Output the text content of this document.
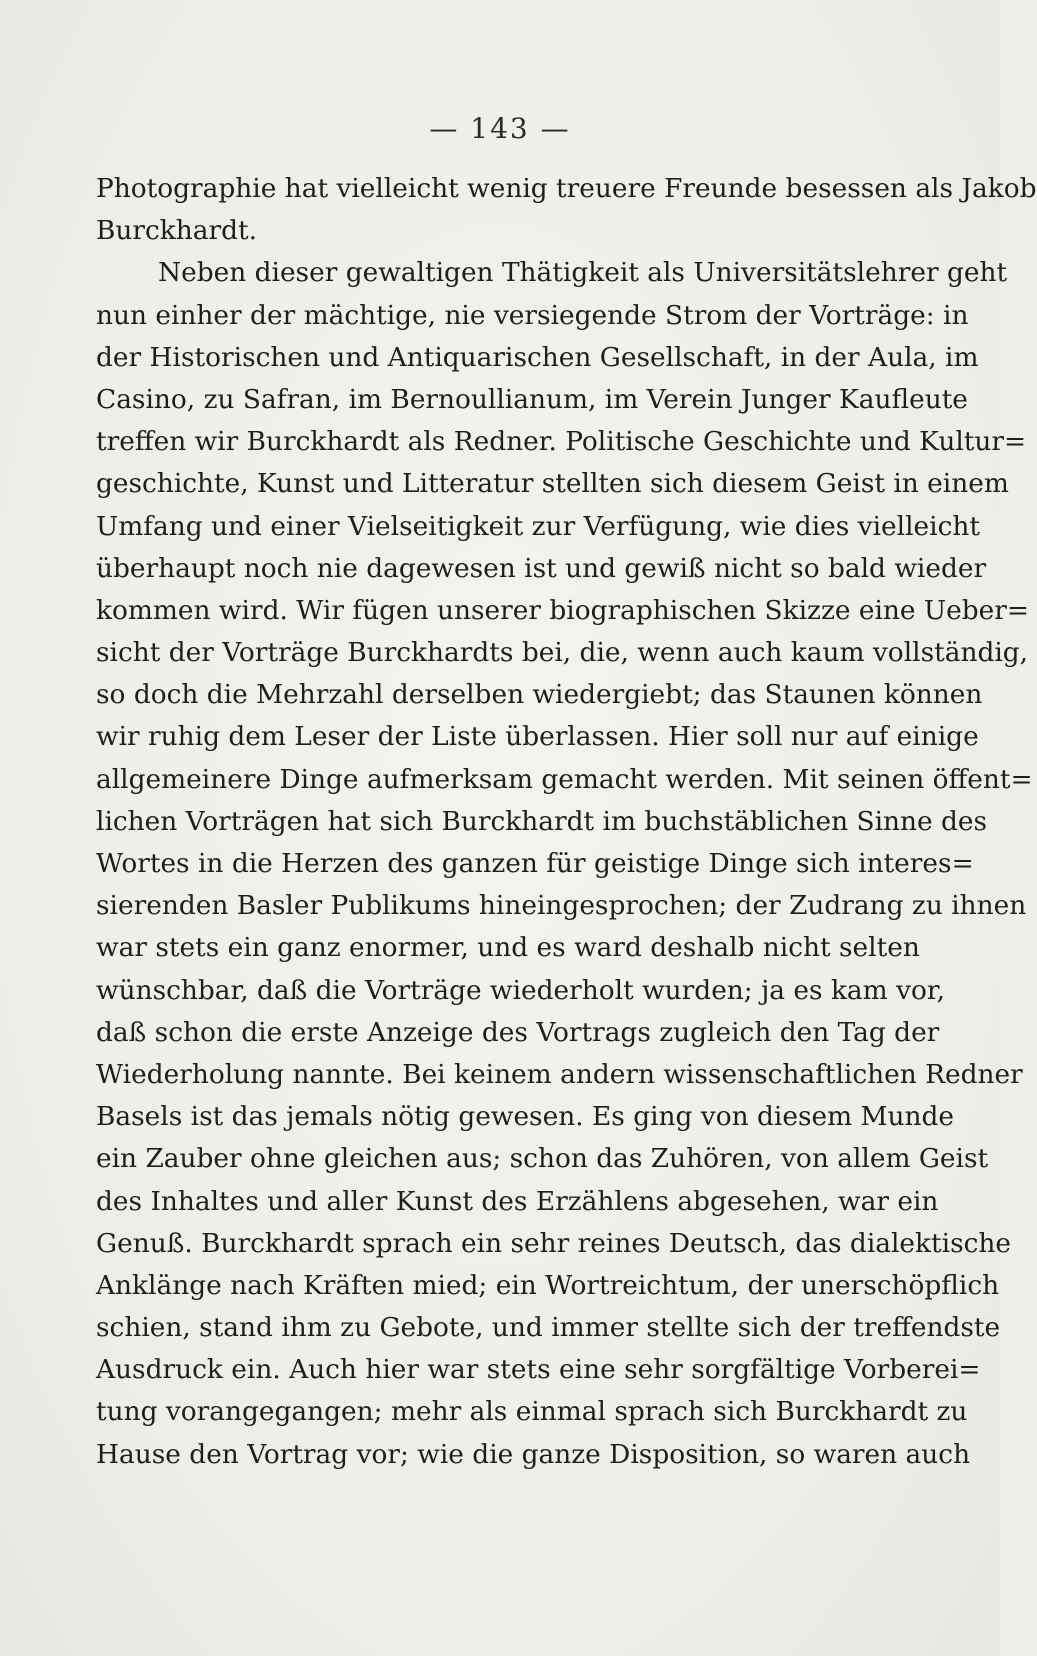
— 143 —
Photographie hat vielleicht wenig treuere Freunde besessen als Jakob
Burckhardt.
Neben dieser gewaltigen Thätigkeit als Universitätslehrer geht
nun einher der mächtige, nie versiegende Strom der Vorträge: in
der Historischen und Antiquarischen Gesellschaft, in der Aula, im
Casino, zu Safran, im Bernoullianum, im Verein Junger Kaufleute
treffen wir Burckhardt als Redner. Politische Geschichte und Kultur=
geschichte, Kunst und Litteratur stellten sich diesem Geist in einem
Umfang und einer Vielseitigkeit zur Verfügung, wie dies vielleicht
überhaupt noch nie dagewesen ist und gewiß nicht so bald wieder
kommen wird. Wir fügen unserer biographischen Skizze eine Ueber=
sicht der Vorträge Burckhardts bei, die, wenn auch kaum vollständig,
so doch die Mehrzahl derselben wiedergiebt; das Staunen können
wir ruhig dem Leser der Liste überlassen. Hier soll nur auf einige
allgemeinere Dinge aufmerksam gemacht werden. Mit seinen öffent=
lichen Vorträgen hat sich Burckhardt im buchstäblichen Sinne des
Wortes in die Herzen des ganzen für geistige Dinge sich interes=
sierenden Basler Publikums hineingesprochen; der Zudrang zu ihnen
war stets ein ganz enormer, und es ward deshalb nicht selten
wünschbar, daß die Vorträge wiederholt wurden; ja es kam vor,
daß schon die erste Anzeige des Vortrags zugleich den Tag der
Wiederholung nannte. Bei keinem andern wissenschaftlichen Redner
Basels ist das jemals nötig gewesen. Es ging von diesem Munde
ein Zauber ohne gleichen aus; schon das Zuhören, von allem Geist
des Inhaltes und aller Kunst des Erzählens abgesehen, war ein
Genuß. Burckhardt sprach ein sehr reines Deutsch, das dialektische
Anklänge nach Kräften mied; ein Wortreichtum, der unerschöpflich
schien, stand ihm zu Gebote, und immer stellte sich der treffendste
Ausdruck ein. Auch hier war stets eine sehr sorgfältige Vorberei=
tung vorangegangen; mehr als einmal sprach sich Burckhardt zu
Hause den Vortrag vor; wie die ganze Disposition, so waren auch
